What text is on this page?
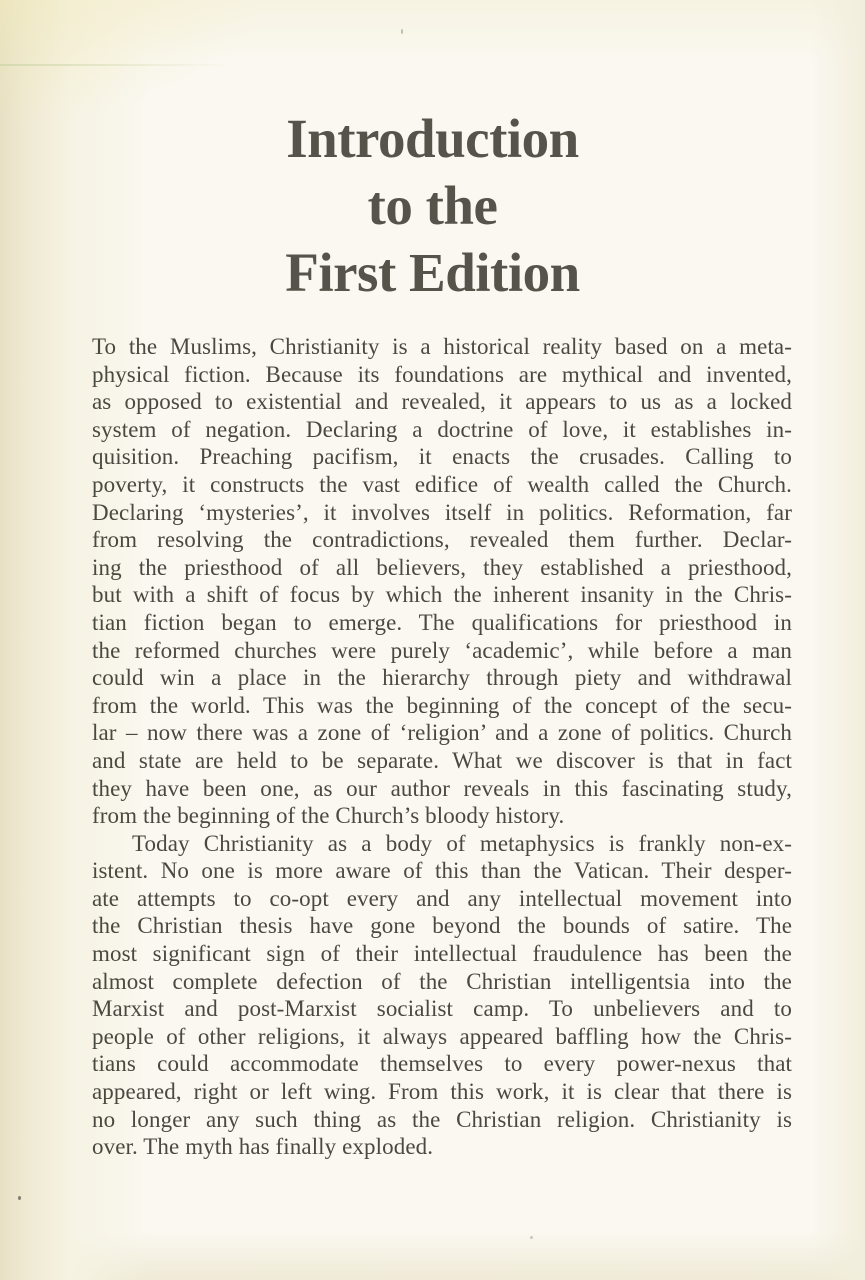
Introduction
to the
First Edition
To the Muslims, Christianity is a historical reality based on a meta-
physical fiction. Because its foundations are mythical and invented,
as opposed to existential and revealed, it appears to us as a locked
system of negation. Declaring a doctrine of love, it establishes in-
quisition. Preaching pacifism, it enacts the crusades. Calling to
poverty, it constructs the vast edifice of wealth called the Church.
Declaring ‘mysteries’, it involves itself in politics. Reformation, far
from resolving the contradictions, revealed them further. Declar-
ing the priesthood of all believers, they established a priesthood,
but with a shift of focus by which the inherent insanity in the Chris-
tian fiction began to emerge. The qualifications for priesthood in
the reformed churches were purely ‘academic’, while before a man
could win a place in the hierarchy through piety and withdrawal
from the world. This was the beginning of the concept of the secu-
lar – now there was a zone of ‘religion’ and a zone of politics. Church
and state are held to be separate. What we discover is that in fact
they have been one, as our author reveals in this fascinating study,
from the beginning of the Church’s bloody history.
Today Christianity as a body of metaphysics is frankly non-ex-
istent. No one is more aware of this than the Vatican. Their desper-
ate attempts to co-opt every and any intellectual movement into
the Christian thesis have gone beyond the bounds of satire. The
most significant sign of their intellectual fraudulence has been the
almost complete defection of the Christian intelligentsia into the
Marxist and post-Marxist socialist camp. To unbelievers and to
people of other religions, it always appeared baffling how the Chris-
tians could accommodate themselves to every power-nexus that
appeared, right or left wing. From this work, it is clear that there is
no longer any such thing as the Christian religion. Christianity is
over. The myth has finally exploded.
